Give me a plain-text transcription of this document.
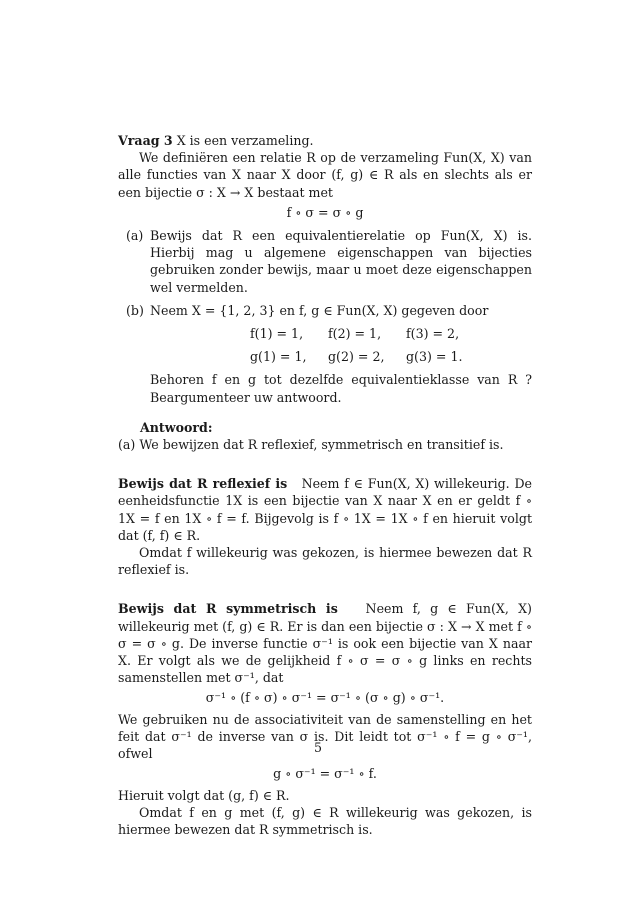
Vraag 3 X is een verzameling.

We definiëren een relatie R op de verzameling Fun(X, X) van alle functies van X naar X door (f, g) ∈ R als en slechts als er een bijectie σ : X → X bestaat met

f ∘ σ = σ ∘ g

(a) Bewijs dat R een equivalentierelatie op Fun(X, X) is. Hierbij mag u algemene eigenschappen van bijecties gebruiken zonder bewijs, maar u moet deze eigenschappen wel vermelden.

(b) Neem X = {1, 2, 3} en f, g ∈ Fun(X, X) gegeven door

f(1) = 1,	f(2) = 1,	f(3) = 2,
g(1) = 1,	g(2) = 2,	g(3) = 1.

Behoren f en g tot dezelfde equivalentieklasse van R ? Beargumenteer uw antwoord.

Antwoord:

(a) We bewijzen dat R reflexief, symmetrisch en transitief is.

Bewijs dat R reflexief is Neem f ∈ Fun(X, X) willekeurig. De eenheidsfunctie 1X is een bijectie van X naar X en er geldt f ∘ 1X = f en 1X ∘ f = f. Bijgevolg is f ∘ 1X = 1X ∘ f en hieruit volgt dat (f, f) ∈ R.

Omdat f willekeurig was gekozen, is hiermee bewezen dat R reflexief is.

Bewijs dat R symmetrisch is Neem f, g ∈ Fun(X, X) willekeurig met (f, g) ∈ R. Er is dan een bijectie σ : X → X met f ∘ σ = σ ∘ g. De inverse functie σ⁻¹ is ook een bijectie van X naar X. Er volgt als we de gelijkheid f ∘ σ = σ ∘ g links en rechts samenstellen met σ⁻¹, dat

σ⁻¹ ∘ (f ∘ σ) ∘ σ⁻¹ = σ⁻¹ ∘ (σ ∘ g) ∘ σ⁻¹.

We gebruiken nu de associativiteit van de samenstelling en het feit dat σ⁻¹ de inverse van σ is. Dit leidt tot σ⁻¹ ∘ f = g ∘ σ⁻¹, ofwel

g ∘ σ⁻¹ = σ⁻¹ ∘ f.

Hieruit volgt dat (g, f) ∈ R.

Omdat f en g met (f, g) ∈ R willekeurig was gekozen, is hiermee bewezen dat R symmetrisch is.

5
